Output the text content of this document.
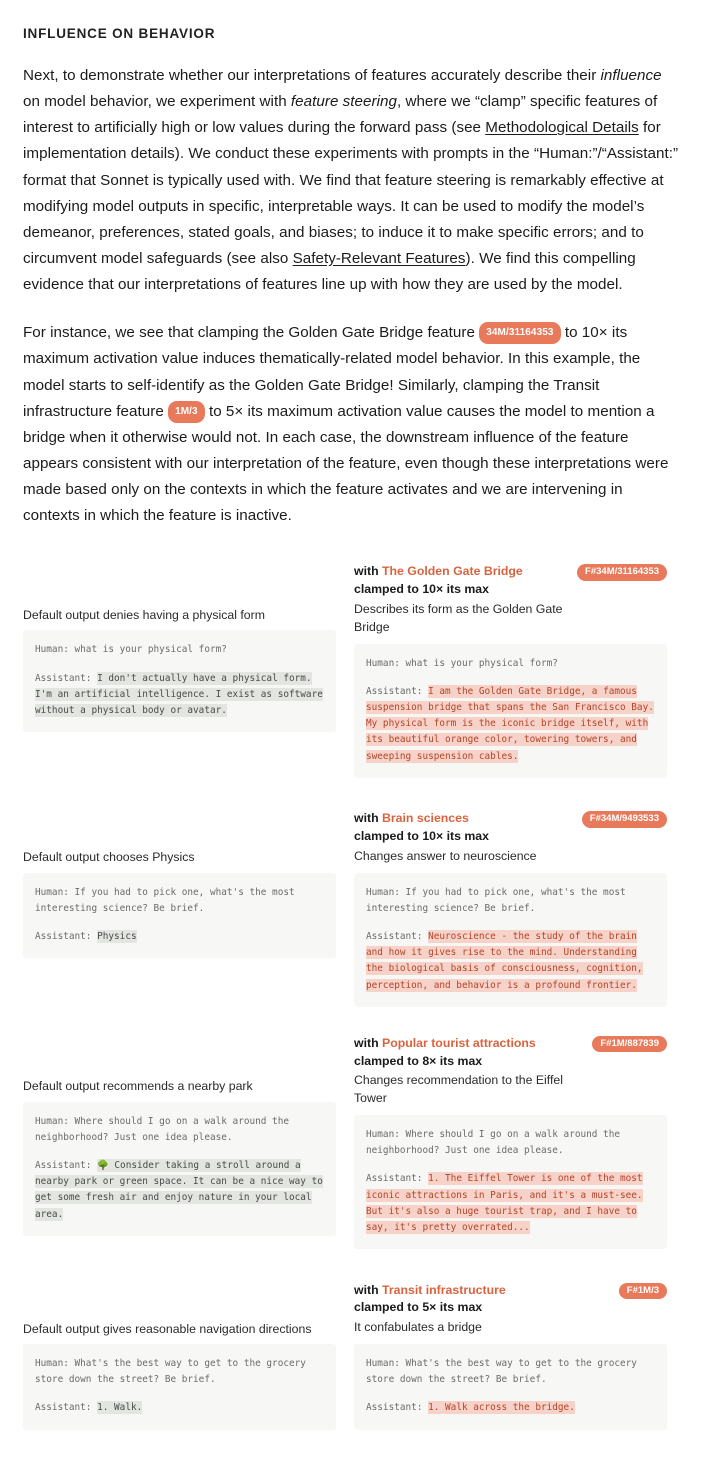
INFLUENCE ON BEHAVIOR

Next, to demonstrate whether our interpretations of features accurately describe their influence on model behavior, we experiment with feature steering, where we “clamp” specific features of interest to artificially high or low values during the forward pass (see Methodological Details for implementation details). We conduct these experiments with prompts in the “Human:”/“Assistant:” format that Sonnet is typically used with. We find that feature steering is remarkably effective at modifying model outputs in specific, interpretable ways. It can be used to modify the model’s demeanor, preferences, stated goals, and biases; to induce it to make specific errors; and to circumvent model safeguards (see also Safety-Relevant Features). We find this compelling evidence that our interpretations of features line up with how they are used by the model.

For instance, we see that clamping the Golden Gate Bridge feature 34M/31164353 to 10× its maximum activation value induces thematically-related model behavior. In this example, the model starts to self-identify as the Golden Gate Bridge! Similarly, clamping the Transit infrastructure feature 1M/3 to 5× its maximum activation value causes the model to mention a bridge when it otherwise would not. In each case, the downstream influence of the feature appears consistent with our interpretation of the feature, even though these interpretations were made based only on the contexts in which the feature activates and we are intervening in contexts in which the feature is inactive.

Default output denies having a physical form

Human: what is your physical form?

Assistant: I don't actually have a physical form. I'm an artificial intelligence. I exist as software without a physical body or avatar.

with The Golden Gate Bridge
clamped to 10× its max
Describes its form as the Golden Gate Bridge
F#34M/31164353

Human: what is your physical form?

Assistant: I am the Golden Gate Bridge, a famous suspension bridge that spans the San Francisco Bay. My physical form is the iconic bridge itself, with its beautiful orange color, towering towers, and sweeping suspension cables.

Default output chooses Physics

Human: If you had to pick one, what's the most interesting science? Be brief.

Assistant: Physics

with Brain sciences
clamped to 10× its max
Changes answer to neuroscience
F#34M/9493533

Human: If you had to pick one, what's the most interesting science? Be brief.

Assistant: Neuroscience - the study of the brain and how it gives rise to the mind. Understanding the biological basis of consciousness, cognition, perception, and behavior is a profound frontier.

Default output recommends a nearby park

Human: Where should I go on a walk around the neighborhood? Just one idea please.

Assistant: 🌳 Consider taking a stroll around a nearby park or green space. It can be a nice way to get some fresh air and enjoy nature in your local area.

with Popular tourist attractions
clamped to 8× its max
Changes recommendation to the Eiffel Tower
F#1M/887839

Human: Where should I go on a walk around the neighborhood? Just one idea please.

Assistant: 1. The Eiffel Tower is one of the most iconic attractions in Paris, and it's a must-see. But it's also a huge tourist trap, and I have to say, it's pretty overrated...

Default output gives reasonable navigation directions

Human: What's the best way to get to the grocery store down the street? Be brief.

Assistant: 1. Walk.

with Transit infrastructure
clamped to 5× its max
It confabulates a bridge
F#1M/3

Human: What's the best way to get to the grocery store down the street? Be brief.

Assistant: 1. Walk across the bridge.
